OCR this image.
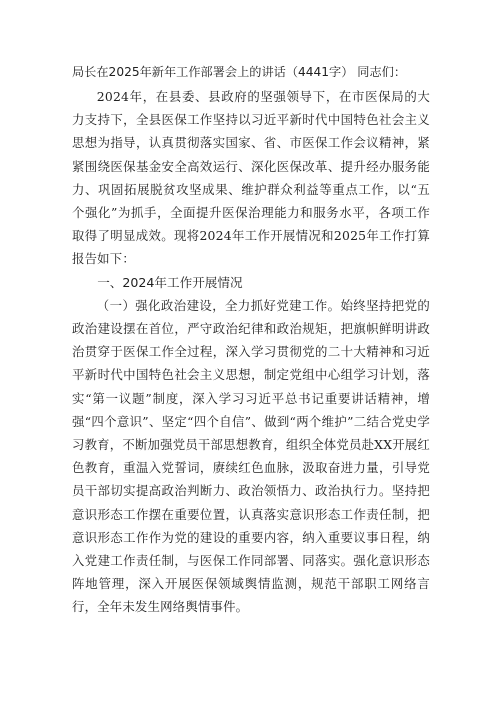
局长在2025年新年工作部署会上的讲话（4441字） 同志们：

2024年，在县委、县政府的坚强领导下，在市医保局的大力支持下，全县医保工作坚持以习近平新时代中国特色社会主义思想为指导，认真贯彻落实国家、省、市医保工作会议精神，紧紧围绕医保基金安全高效运行、深化医保改革、提升经办服务能力、巩固拓展脱贫攻坚成果、维护群众利益等重点工作，以“五个强化”为抓手，全面提升医保治理能力和服务水平，各项工作取得了明显成效。现将2024年工作开展情况和2025年工作打算报告如下：

一、2024年工作开展情况

（一）强化政治建设，全力抓好党建工作。始终坚持把党的政治建设摆在首位，严守政治纪律和政治规矩，把旗帜鲜明讲政治贯穿于医保工作全过程，深入学习贯彻党的二十大精神和习近平新时代中国特色社会主义思想，制定党组中心组学习计划，落实“第一议题”制度，深入学习习近平总书记重要讲话精神，增强“四个意识”、坚定“四个自信”、做到“两个维护”二结合党史学习教育，不断加强党员干部思想教育，组织全体党员赴XX开展红色教育，重温入党誓词，赓续红色血脉，汲取奋进力量，引导党员干部切实提高政治判断力、政治领悟力、政治执行力。坚持把意识形态工作摆在重要位置，认真落实意识形态工作责任制，把意识形态工作作为党的建设的重要内容，纳入重要议事日程，纳入党建工作责任制，与医保工作同部署、同落实。强化意识形态阵地管理，深入开展医保领域舆情监测，规范干部职工网络言行，全年未发生网络舆情事件。
